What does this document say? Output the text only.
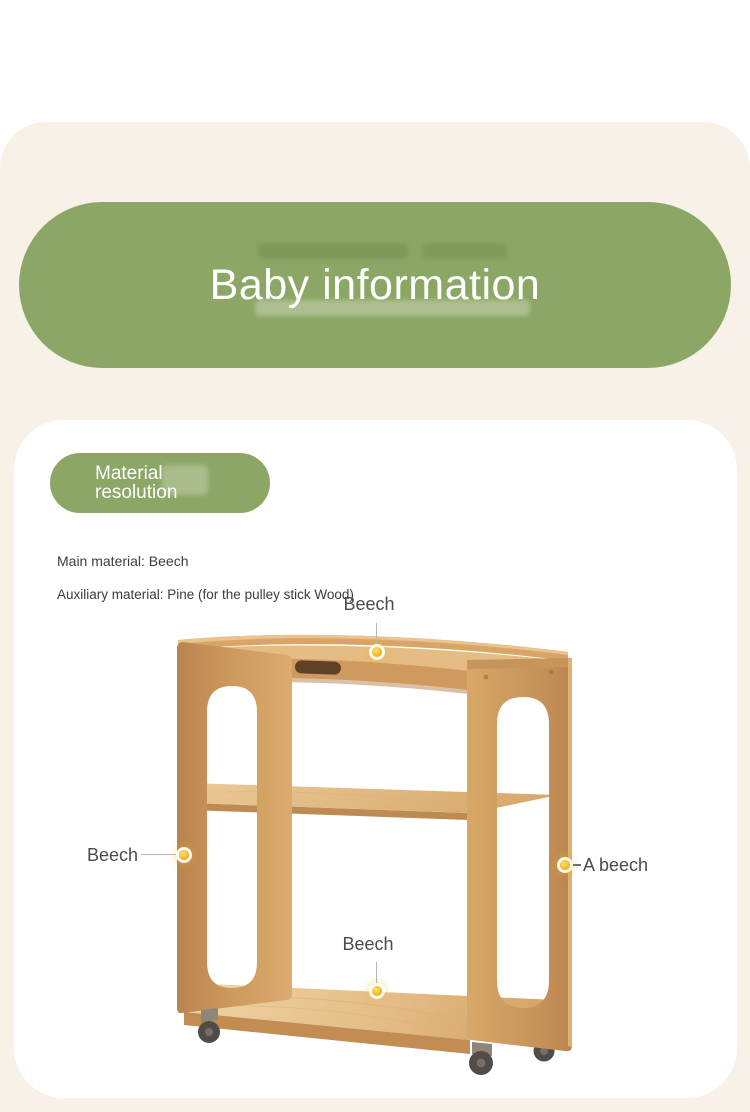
Baby information
Material
resolution
Main material: Beech
Auxiliary material: Pine (for the pulley stick Wood)
Beech
Beech	A beech
Beech
